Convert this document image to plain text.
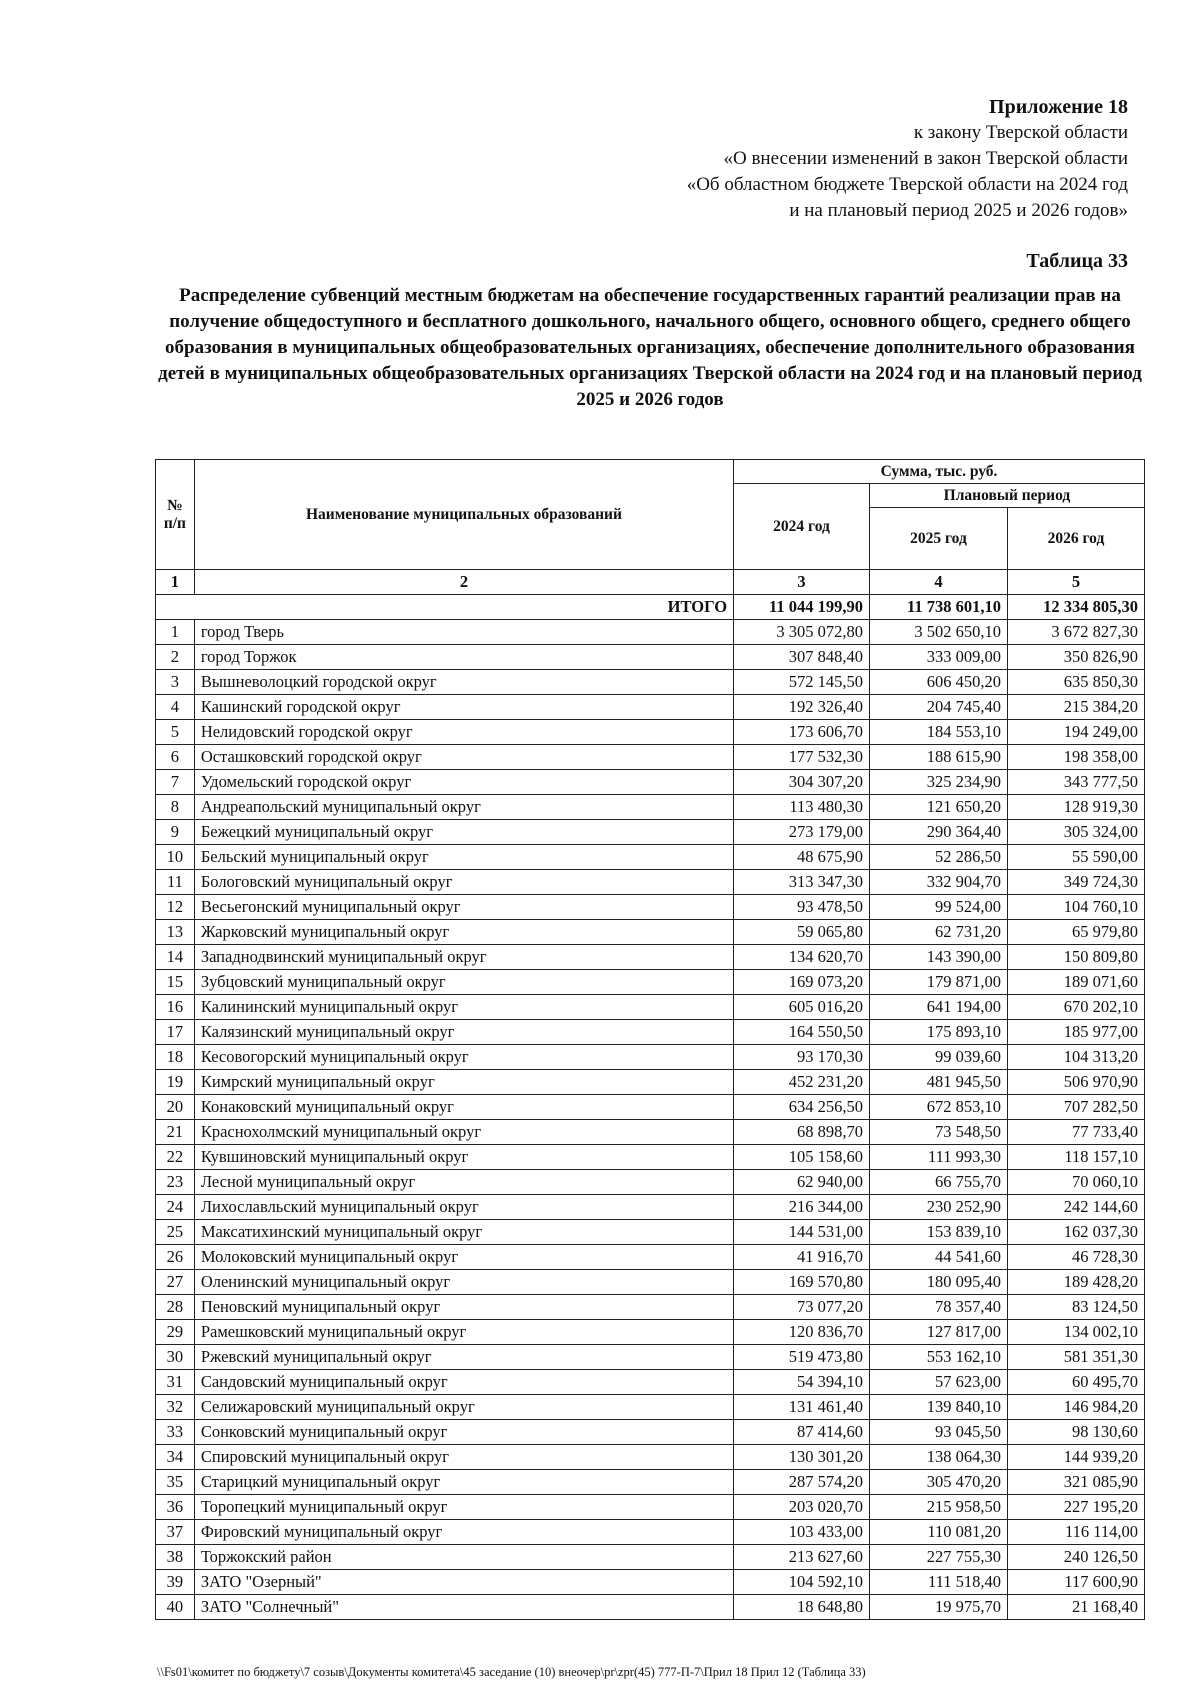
Приложение 18
к закону Тверской области
«О внесении изменений в закон Тверской области
«Об областном бюджете Тверской области на 2024 год
и на плановый период 2025 и 2026 годов»
Таблица 33
Распределение субвенций местным бюджетам на обеспечение государственных гарантий реализации прав на получение общедоступного и бесплатного дошкольного, начального общего, основного общего, среднего общего образования в муниципальных общеобразовательных организациях, обеспечение дополнительного образования детей в муниципальных общеобразовательных организациях Тверской области на 2024 год и на плановый период 2025 и 2026 годов
№ п/п	Наименование муниципальных образований	Сумма, тыс. руб.		
		2024 год	Плановый период	
			2025 год	2026 год
1	2	3	4	5
ИТОГО		11 044 199,90	11 738 601,10	12 334 805,30
1	город Тверь	3 305 072,80	3 502 650,10	3 672 827,30
2	город Торжок	307 848,40	333 009,00	350 826,90
3	Вышневолоцкий городской округ	572 145,50	606 450,20	635 850,30
4	Кашинский городской округ	192 326,40	204 745,40	215 384,20
5	Нелидовский городской округ	173 606,70	184 553,10	194 249,00
6	Осташковский городской округ	177 532,30	188 615,90	198 358,00
7	Удомельский городской округ	304 307,20	325 234,90	343 777,50
8	Андреапольский муниципальный округ	113 480,30	121 650,20	128 919,30
9	Бежецкий муниципальный округ	273 179,00	290 364,40	305 324,00
10	Бельский муниципальный округ	48 675,90	52 286,50	55 590,00
11	Бологовский муниципальный округ	313 347,30	332 904,70	349 724,30
12	Весьегонский муниципальный округ	93 478,50	99 524,00	104 760,10
13	Жарковский муниципальный округ	59 065,80	62 731,20	65 979,80
14	Западнодвинский муниципальный округ	134 620,70	143 390,00	150 809,80
15	Зубцовский муниципальный округ	169 073,20	179 871,00	189 071,60
16	Калининский муниципальный округ	605 016,20	641 194,00	670 202,10
17	Калязинский муниципальный округ	164 550,50	175 893,10	185 977,00
18	Кесовогорский муниципальный округ	93 170,30	99 039,60	104 313,20
19	Кимрский муниципальный округ	452 231,20	481 945,50	506 970,90
20	Конаковский муниципальный округ	634 256,50	672 853,10	707 282,50
21	Краснохолмский муниципальный округ	68 898,70	73 548,50	77 733,40
22	Кувшиновский муниципальный округ	105 158,60	111 993,30	118 157,10
23	Лесной муниципальный округ	62 940,00	66 755,70	70 060,10
24	Лихославльский муниципальный округ	216 344,00	230 252,90	242 144,60
25	Максатихинский муниципальный округ	144 531,00	153 839,10	162 037,30
26	Молоковский муниципальный округ	41 916,70	44 541,60	46 728,30
27	Оленинский муниципальный округ	169 570,80	180 095,40	189 428,20
28	Пеновский муниципальный округ	73 077,20	78 357,40	83 124,50
29	Рамешковский муниципальный округ	120 836,70	127 817,00	134 002,10
30	Ржевский муниципальный округ	519 473,80	553 162,10	581 351,30
31	Сандовский муниципальный округ	54 394,10	57 623,00	60 495,70
32	Селижаровский муниципальный округ	131 461,40	139 840,10	146 984,20
33	Сонковский муниципальный округ	87 414,60	93 045,50	98 130,60
34	Спировский муниципальный округ	130 301,20	138 064,30	144 939,20
35	Старицкий муниципальный округ	287 574,20	305 470,20	321 085,90
36	Торопецкий муниципальный округ	203 020,70	215 958,50	227 195,20
37	Фировский муниципальный округ	103 433,00	110 081,20	116 114,00
38	Торжокский район	213 627,60	227 755,30	240 126,50
39	ЗАТО "Озерный"	104 592,10	111 518,40	117 600,90
40	ЗАТО "Солнечный"	18 648,80	19 975,70	21 168,40
\\Fs01\комитет по бюджету\7 созыв\Документы комитета\45 заседание (10) внеочер\pr\zpr(45) 777-П-7\Прил 18 Прил 12 (Таблица 33)
